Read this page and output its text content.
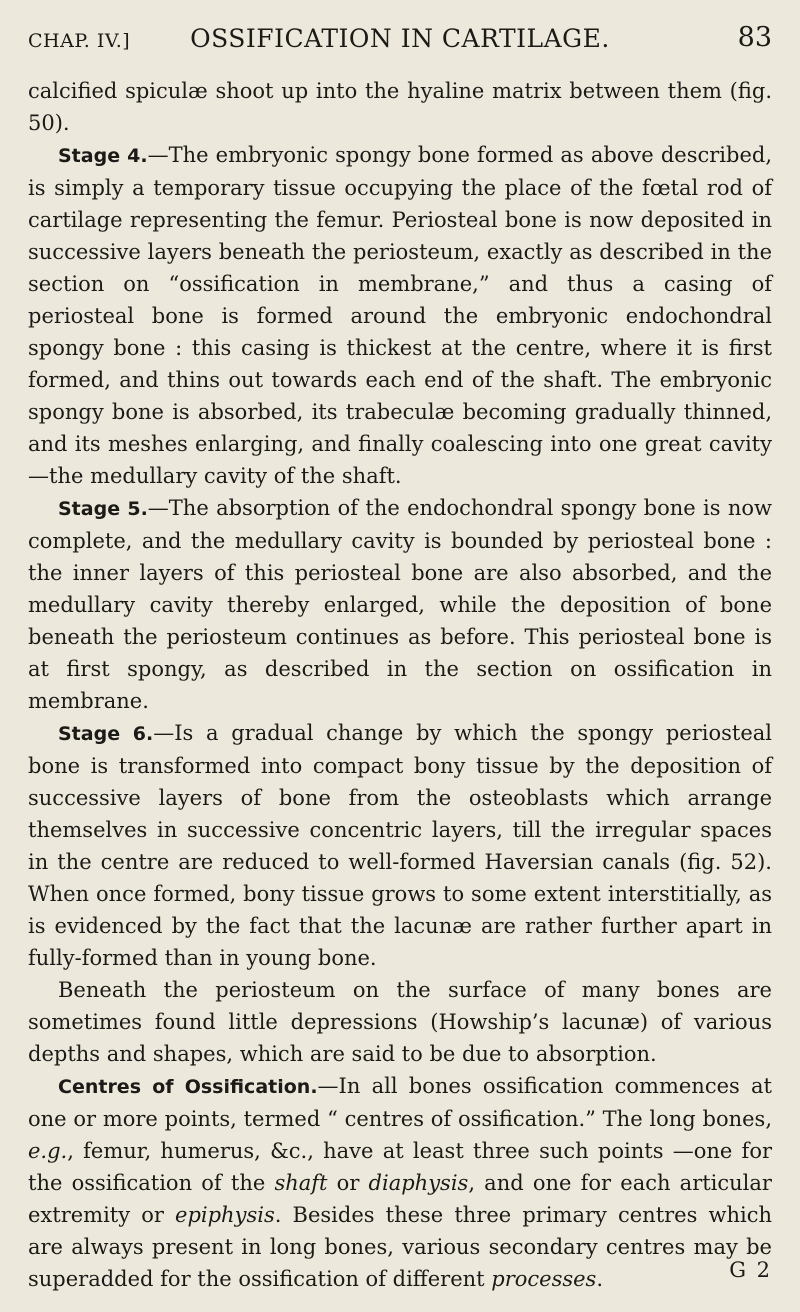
CHAP. IV.]	OSSIFICATION IN CARTILAGE.	83

calcified spiculæ shoot up into the hyaline matrix between them (fig. 50).

Stage 4.—The embryonic spongy bone formed as above described, is simply a temporary tissue occupying the place of the fœtal rod of cartilage representing the femur. Periosteal bone is now deposited in successive layers beneath the periosteum, exactly as described in the section on “ossification in membrane,” and thus a casing of periosteal bone is formed around the embryonic endochondral spongy bone : this casing is thickest at the centre, where it is first formed, and thins out towards each end of the shaft. The embryonic spongy bone is absorbed, its trabeculæ becoming gradually thinned, and its meshes enlarging, and finally coalescing into one great cavity—the medullary cavity of the shaft.

Stage 5.—The absorption of the endochondral spongy bone is now complete, and the medullary cavity is bounded by periosteal bone : the inner layers of this periosteal bone are also absorbed, and the medullary cavity thereby enlarged, while the deposition of bone beneath the periosteum continues as before. This periosteal bone is at first spongy, as described in the section on ossification in membrane.

Stage 6.—Is a gradual change by which the spongy periosteal bone is transformed into compact bony tissue by the deposition of successive layers of bone from the osteoblasts which arrange themselves in successive concentric layers, till the irregular spaces in the centre are reduced to well-formed Haversian canals (fig. 52). When once formed, bony tissue grows to some extent interstitially, as is evidenced by the fact that the lacunæ are rather further apart in fully-formed than in young bone.

Beneath the periosteum on the surface of many bones are sometimes found little depressions (Howship’s lacunæ) of various depths and shapes, which are said to be due to absorption.

Centres of Ossification.—In all bones ossification commences at one or more points, termed “ centres of ossification.” The long bones, e.g., femur, humerus, &c., have at least three such points —one for the ossification of the shaft or diaphysis, and one for each articular extremity or epiphysis. Besides these three primary centres which are always present in long bones, various secondary centres may be superadded for the ossification of different processes.	G 2
